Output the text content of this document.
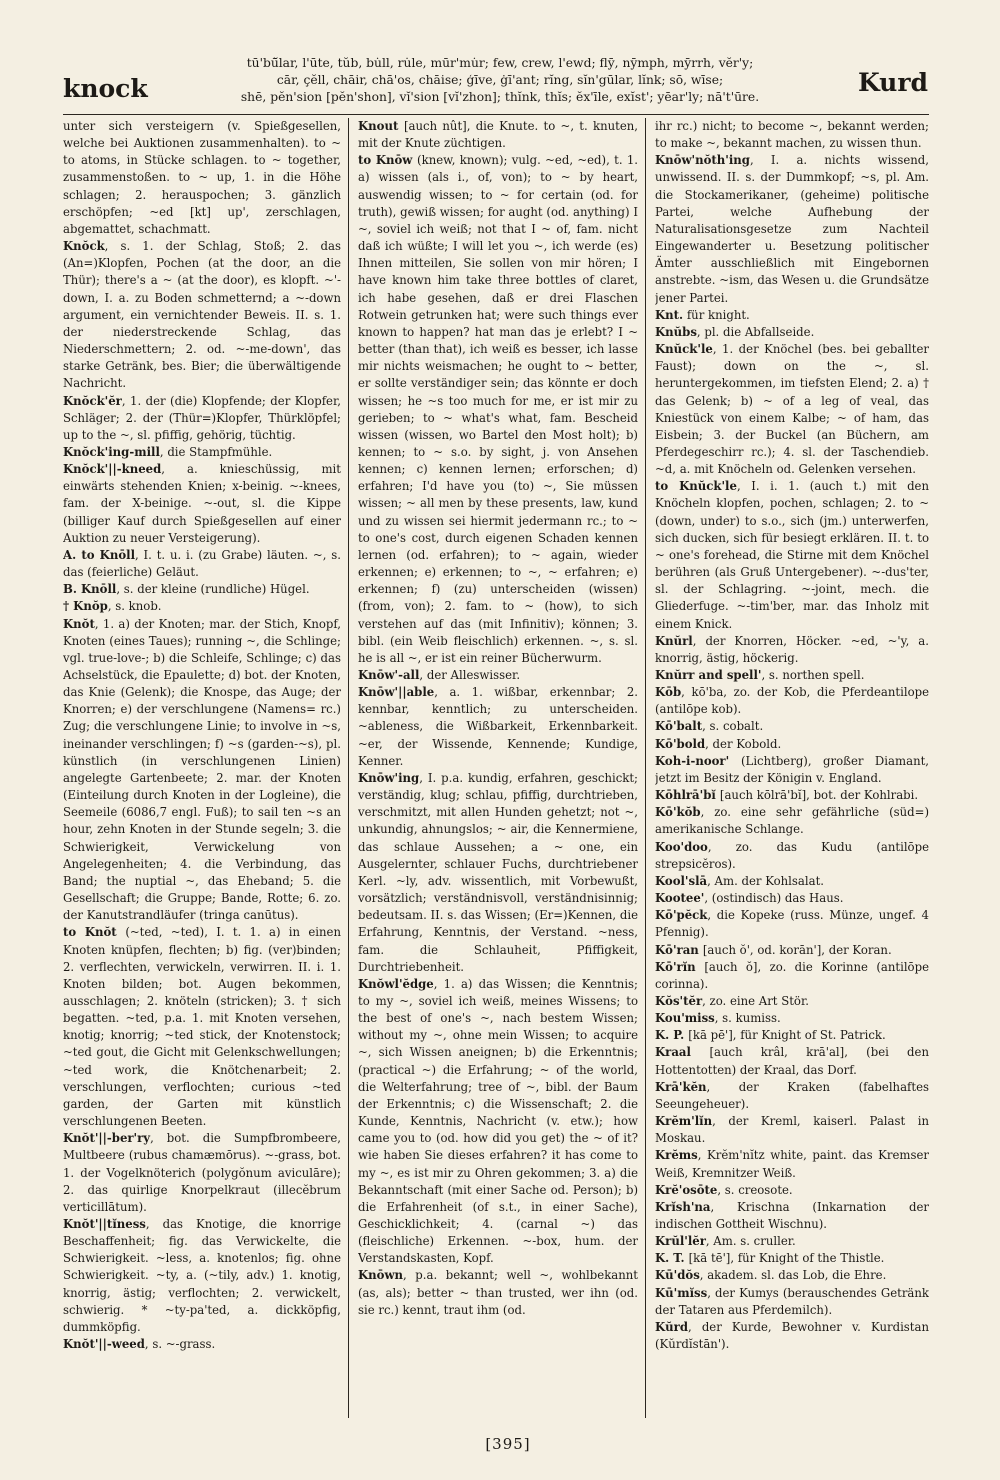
knock
tū'bū̆lar, l'ūte, tŭb, bu̇ll, ru̇le, mūr'mu̇r; few, crew, l'ewd; flȳ, nȳmph, mȳrrh, vĕr'y;
cār, çĕll, chāir, chā'os, chāise; ģīve, ġī'ant; rĭng, sĭn'gūlar, lĭnk; sō, wīse;
shē, pĕn'sion [pĕn'shon], vĭ'sion [vĭ'zhon]; thĭnk, thĭs; ĕx'īle, exĭst'; yēar'ly; nā't'ūre.	Kurd

unter sich versteigern (v. Spießgesellen, welche bei Auktionen zusammenhalten). to ~ to atoms, in Stücke schlagen. to ~ together, zusammenstoßen. to ~ up, 1. in die Höhe schlagen; 2. herauspochen; 3. gänzlich erschöpfen; ~ed [kt] up', zerschlagen, abgemattet, schachmatt.

Knŏck, s. 1. der Schlag, Stoß; 2. das (An=)Klopfen, Pochen (at the door, an die Thür); there's a ~ (at the door), es klopft. ~'-down, I. a. zu Boden schmetternd; a ~-down argument, ein vernichtender Beweis. II. s. 1. der niederstreckende Schlag, das Niederschmettern; 2. od. ~-me-down', das starke Getränk, bes. Bier; die überwältigende Nachricht.

Knŏck'ĕr, 1. der (die) Klopfende; der Klopfer, Schläger; 2. der (Thür=)Klopfer, Thürklöpfel; up to the ~, sl. pfiffig, gehörig, tüchtig.

Knŏck'ing-mill, die Stampfmühle.

Knŏck'||-kneed, a. knieschüssig, mit einwärts stehenden Knien; x-beinig. ~-knees, fam. der X-beinige. ~-out, sl. die Kippe (billiger Kauf durch Spießgesellen auf einer Auktion zu neuer Versteigerung).

A. to Knōll, I. t. u. i. (zu Grabe) läuten. ~, s. das (feierliche) Geläut.

B. Knōll, s. der kleine (rundliche) Hügel.

† Knŏp, s. knob.

Knŏt, 1. a) der Knoten; mar. der Stich, Knopf, Knoten (eines Taues); running ~, die Schlinge; vgl. true-love-; b) die Schleife, Schlinge; c) das Achselstück, die Epaulette; d) bot. der Knoten, das Knie (Gelenk); die Knospe, das Auge; der Knorren; e) der verschlungene (Namens= rc.) Zug; die verschlungene Linie; to involve in ~s, ineinander verschlingen; f) ~s (garden-~s), pl. künstlich (in verschlungenen Linien) angelegte Gartenbeete; 2. mar. der Knoten (Einteilung durch Knoten in der Logleine), die Seemeile (6086,7 engl. Fuß); to sail ten ~s an hour, zehn Knoten in der Stunde segeln; 3. die Schwierigkeit, Verwickelung von Angelegenheiten; 4. die Verbindung, das Band; the nuptial ~, das Eheband; 5. die Gesellschaft; die Gruppe; Bande, Rotte; 6. zo. der Kanutstrandläufer (tringa canūtus).

to Knŏt (~ted, ~ted), I. t. 1. a) in einen Knoten knüpfen, flechten; b) fig. (ver)binden; 2. verflechten, verwickeln, verwirren. II. i. 1. Knoten bilden; bot. Augen bekommen, ausschlagen; 2. knöteln (stricken); 3. † sich begatten. ~ted, p.a. 1. mit Knoten versehen, knotig; knorrig; ~ted stick, der Knotenstock; ~ted gout, die Gicht mit Gelenkschwellungen; ~ted work, die Knötchenarbeit; 2. verschlungen, verflochten; curious ~ted garden, der Garten mit künstlich verschlungenen Beeten.

Knŏt'||-ber'ry, bot. die Sumpfbrombeere, Multbeere (rubus chamæmōrus). ~-grass, bot. 1. der Vogelknöterich (polygŏnum aviculāre); 2. das quirlige Knorpelkraut (illecĕbrum verticillātum).

Knŏt'||tĭness, das Knotige, die knorrige Beschaffenheit; fig. das Verwickelte, die Schwierigkeit. ~less, a. knotenlos; fig. ohne Schwierigkeit. ~ty, a. (~tily, adv.) 1. knotig, knorrig, ästig; verflochten; 2. verwickelt, schwierig. * ~ty-pa'ted, a. dickköpfig, dummköpfig.

Knŏt'||-weed, s. ~-grass.

Knout [auch nût], die Knute. to ~, t. knuten, mit der Knute züchtigen.

to Knōw (knew, known); vulg. ~ed, ~ed), t. 1. a) wissen (als i., of, von); to ~ by heart, auswendig wissen; to ~ for certain (od. for truth), gewiß wissen; for aught (od. anything) I ~, soviel ich weiß; not that I ~ of, fam. nicht daß ich wüßte; I will let you ~, ich werde (es) Ihnen mitteilen, Sie sollen von mir hören; I have known him take three bottles of claret, ich habe gesehen, daß er drei Flaschen Rotwein getrunken hat; were such things ever known to happen? hat man das je erlebt? I ~ better (than that), ich weiß es besser, ich lasse mir nichts weismachen; he ought to ~ better, er sollte verständiger sein; das könnte er doch wissen; he ~s too much for me, er ist mir zu gerieben; to ~ what's what, fam. Bescheid wissen (wissen, wo Bartel den Most holt); b) kennen; to ~ s.o. by sight, j. von Ansehen kennen; c) kennen lernen; erforschen; d) erfahren; I'd have you (to) ~, Sie müssen wissen; ~ all men by these presents, law, kund und zu wissen sei hiermit jedermann rc.; to ~ to one's cost, durch eigenen Schaden kennen lernen (od. erfahren); to ~ again, wieder erkennen; e) erkennen; to ~, ~ erfahren; e) erkennen; f) (zu) unterscheiden (wissen) (from, von); 2. fam. to ~ (how), to sich verstehen auf das (mit Infinitiv); können; 3. bibl. (ein Weib fleischlich) erkennen. ~, s. sl. he is all ~, er ist ein reiner Bücherwurm.

Knōw'-all, der Alleswisser.

Knōw'||able, a. 1. wißbar, erkennbar; 2. kennbar, kenntlich; zu unterscheiden. ~ableness, die Wißbarkeit, Erkennbarkeit. ~er, der Wissende, Kennende; Kundige, Kenner.

Knōw'ing, I. p.a. kundig, erfahren, geschickt; verständig, klug; schlau, pfiffig, durchtrieben, verschmitzt, mit allen Hunden gehetzt; not ~, unkundig, ahnungslos; ~ air, die Kennermiene, das schlaue Aussehen; a ~ one, ein Ausgelernter, schlauer Fuchs, durchtriebener Kerl. ~ly, adv. wissentlich, mit Vorbewußt, vorsätzlich; verständnisvoll, verständnisinnig; bedeutsam. II. s. das Wissen; (Er=)Kennen, die Erfahrung, Kenntnis, der Verstand. ~ness, fam. die Schlauheit, Pfiffigkeit, Durchtriebenheit.

Knŏwl'ĕdge, 1. a) das Wissen; die Kenntnis; to my ~, soviel ich weiß, meines Wissens; to the best of one's ~, nach bestem Wissen; without my ~, ohne mein Wissen; to acquire ~, sich Wissen aneignen; b) die Erkenntnis; (practical ~) die Erfahrung; ~ of the world, die Welterfahrung; tree of ~, bibl. der Baum der Erkenntnis; c) die Wissenschaft; 2. die Kunde, Kenntnis, Nachricht (v. etw.); how came you to (od. how did you get) the ~ of it? wie haben Sie dieses erfahren? it has come to my ~, es ist mir zu Ohren gekommen; 3. a) die Bekanntschaft (mit einer Sache od. Person); b) die Erfahrenheit (of s.t., in einer Sache), Geschicklichkeit; 4. (carnal ~) das (fleischliche) Erkennen. ~-box, hum. der Verstandskasten, Kopf.

Knōwn, p.a. bekannt; well ~, wohlbekannt (as, als); better ~ than trusted, wer ihn (od. sie rc.) kennt, traut ihm (od.

ihr rc.) nicht; to become ~, bekannt werden; to make ~, bekannt machen, zu wissen thun.

Knōw'nŏth'ing, I. a. nichts wissend, unwissend. II. s. der Dummkopf; ~s, pl. Am. die Stockamerikaner, (geheime) politische Partei, welche Aufhebung der Naturalisationsgesetze zum Nachteil Eingewanderter u. Besetzung politischer Ämter ausschließlich mit Eingebornen anstrebte. ~ism, das Wesen u. die Grundsätze jener Partei.

Knt. für knight.

Knŭbs, pl. die Abfallseide.

Knŭck'le, 1. der Knöchel (bes. bei geballter Faust); down on the ~, sl. heruntergekommen, im tiefsten Elend; 2. a) † das Gelenk; b) ~ of a leg of veal, das Kniestück von einem Kalbe; ~ of ham, das Eisbein; 3. der Buckel (an Büchern, am Pferdegeschirr rc.); 4. sl. der Taschendieb. ~d, a. mit Knöcheln od. Gelenken versehen.

to Knŭck'le, I. i. 1. (auch t.) mit den Knöcheln klopfen, pochen, schlagen; 2. to ~ (down, under) to s.o., sich (jm.) unterwerfen, sich ducken, sich für besiegt erklären. II. t. to ~ one's forehead, die Stirne mit dem Knöchel berühren (als Gruß Untergebener). ~-dus'ter, sl. der Schlagring. ~-joint, mech. die Gliederfuge. ~-tim'ber, mar. das Inholz mit einem Knick.

Knŭrl, der Knorren, Höcker. ~ed, ~'y, a. knorrig, ästig, höckerig.

Knŭrr and spell', s. northen spell.

Kōb, kō'ba, zo. der Kob, die Pferdeantilope (antilōpe kob).

Kō'balt, s. cobalt.

Kō'bold, der Kobold.

Koh-i-noor' (Lichtberg), großer Diamant, jetzt im Besitz der Königin v. England.

Kōhlrā'bĭ [auch kōlrā'bĭ], bot. der Kohlrabi.

Kō'kŏb, zo. eine sehr gefährliche (süd=) amerikanische Schlange.

Koo'doo, zo. das Kudu (antilōpe strepsicĕros).

Kool'slā, Am. der Kohlsalat.

Kootee', (ostindisch) das Haus.

Kō'pĕck, die Kopeke (russ. Münze, ungef. 4 Pfennig).

Kō'ran [auch ŏ', od. korān'], der Koran.

Kō'rĭn [auch ŏ], zo. die Korinne (antilōpe corinna).

Kŏs'tĕr, zo. eine Art Stör.

Kou'miss, s. kumiss.

K. P. [kā pē'], für Knight of St. Patrick.

Kraal [auch krâl, krā'al], (bei den Hottentotten) der Kraal, das Dorf.

Krā'kĕn, der Kraken (fabelhaftes Seeungeheuer).

Krĕm'lĭn, der Kreml, kaiserl. Palast in Moskau.

Krĕms, Krĕm'nĭtz white, paint. das Kremser Weiß, Kremnitzer Weiß.

Krĕ'osōte, s. creosote.

Krĭsh'na, Krischna (Inkarnation der indischen Gottheit Wischnu).

Krŭl'lĕr, Am. s. cruller.

K. T. [kā tē'], für Knight of the Thistle.

Kū'dŏs, akadem. sl. das Lob, die Ehre.

Kū'mĭss, der Kumys (berauschendes Getränk der Tataren aus Pferdemilch).

Kŭrd, der Kurde, Bewohner v. Kurdistan (Kŭrdĭstān').

[395]
